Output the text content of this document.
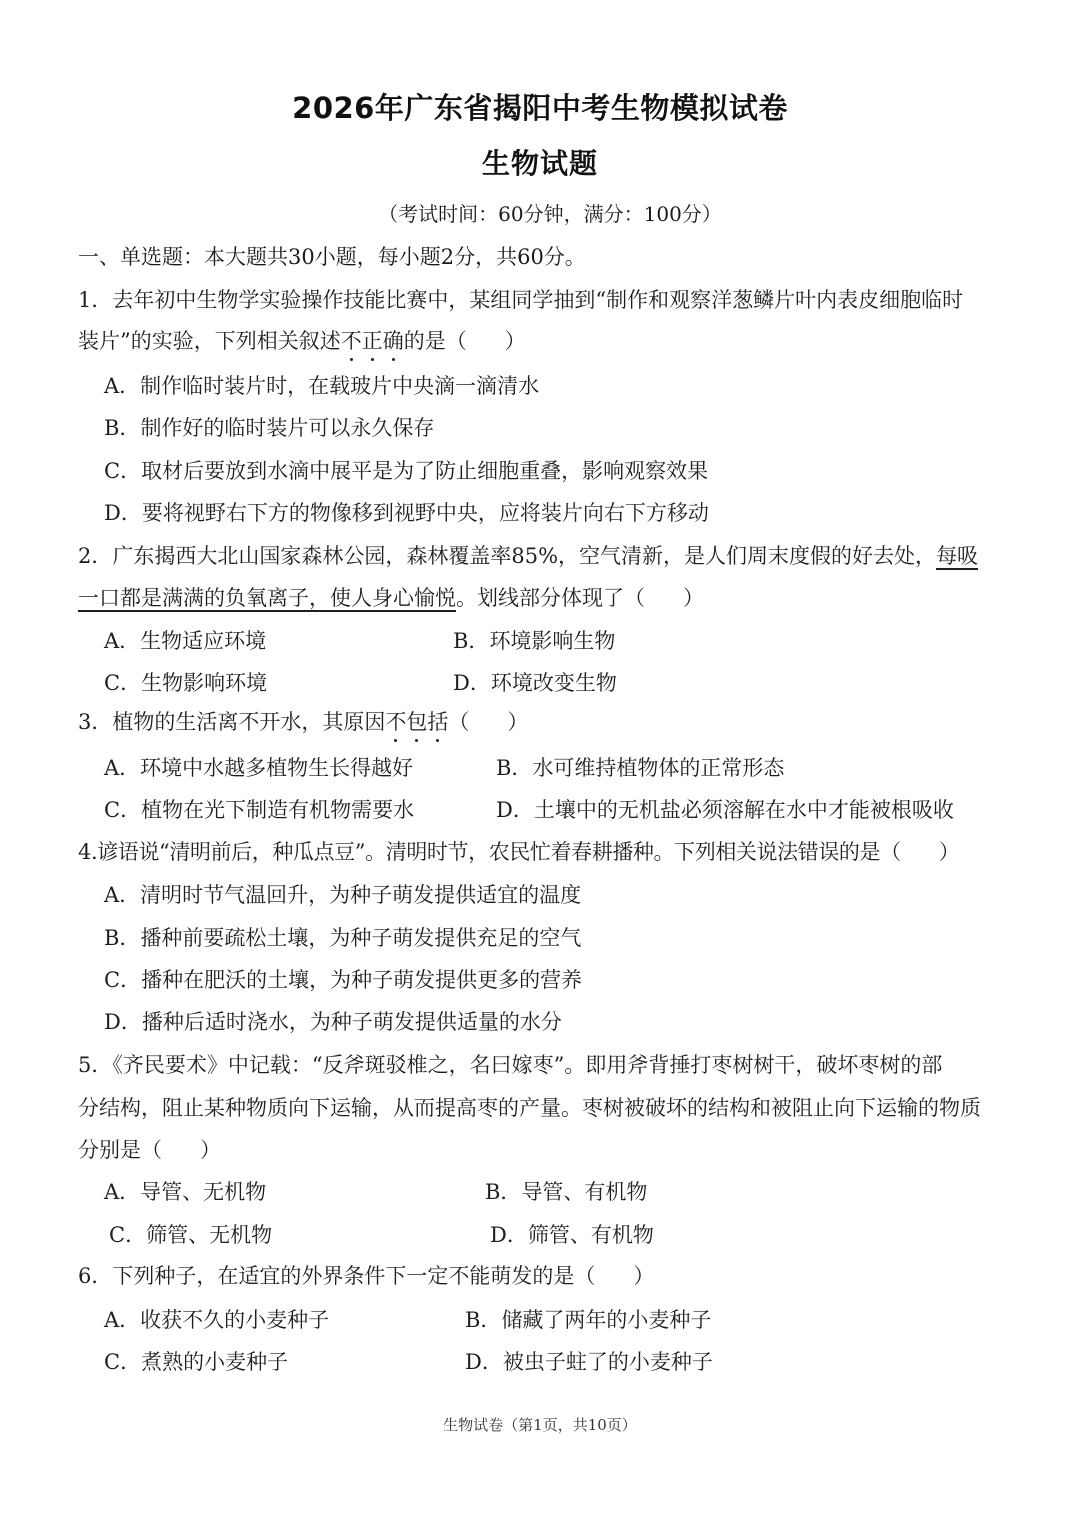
2026年广东省揭阳中考生物模拟试卷
生物试题
（考试时间：60分钟，满分：100分）
一、单选题：本大题共30小题，每小题2分，共60分。
1．去年初中生物学实验操作技能比赛中，某组同学抽到“制作和观察洋葱鳞片叶内表皮细胞临时
装片”的实验，下列相关叙述不正确的是（ ）
A．制作临时装片时，在载玻片中央滴一滴清水
B．制作好的临时装片可以永久保存
C．取材后要放到水滴中展平是为了防止细胞重叠，影响观察效果
D．要将视野右下方的物像移到视野中央，应将装片向右下方移动
2．广东揭西大北山国家森林公园，森林覆盖率85%，空气清新，是人们周末度假的好去处，每吸
一口都是满满的负氧离子，使人身心愉悦。划线部分体现了（ ）
A．生物适应环境	B．环境影响生物
C．生物影响环境	D．环境改变生物
3．植物的生活离不开水，其原因不包括（ ）
A．环境中水越多植物生长得越好	B．水可维持植物体的正常形态
C．植物在光下制造有机物需要水	D．土壤中的无机盐必须溶解在水中才能被根吸收
4.谚语说“清明前后，种瓜点豆”。清明时节，农民忙着春耕播种。下列相关说法错误的是（ ）
A．清明时节气温回升，为种子萌发提供适宜的温度
B．播种前要疏松土壤，为种子萌发提供充足的空气
C．播种在肥沃的土壤，为种子萌发提供更多的营养
D．播种后适时浇水，为种子萌发提供适量的水分
5．《齐民要术》中记载：“反斧斑驳椎之，名曰嫁枣”。即用斧背捶打枣树树干，破坏枣树的部
分结构，阻止某种物质向下运输，从而提高枣的产量。枣树被破坏的结构和被阻止向下运输的物质
分别是（ ）
A．导管、无机物	B．导管、有机物
C．筛管、无机物	D．筛管、有机物
6．下列种子，在适宜的外界条件下一定不能萌发的是（ ）
A．收获不久的小麦种子	B．储藏了两年的小麦种子
C．煮熟的小麦种子	D．被虫子蛀了的小麦种子
生物试卷（第1页，共10页）
